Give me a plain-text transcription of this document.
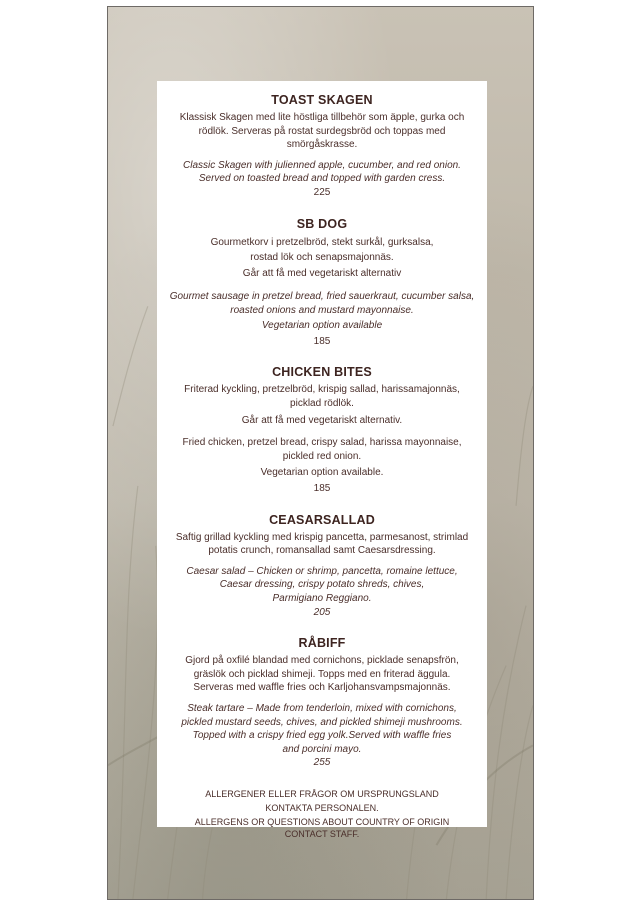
TOAST SKAGEN

Klassisk Skagen med lite höstliga tillbehör som äpple, gurka och
rödlök. Serveras på rostat surdegsbröd och toppas med
smörgåskrasse.

Classic Skagen with julienned apple, cucumber, and red onion.
Served on toasted bread and topped with garden cress.

225

SB DOG

Gourmetkorv i pretzelbröd, stekt surkål, gurksalsa,
rostad lök och senapsmajonnäs.
Går att få med vegetariskt alternativ

Gourmet sausage in pretzel bread, fried sauerkraut, cucumber salsa,
roasted onions and mustard mayonnaise.

Vegetarian option available

185

CHICKEN BITES

Friterad kyckling, pretzelbröd, krispig sallad, harissamajonnäs,
picklad rödlök.

Går att få med vegetariskt alternativ.

Fried chicken, pretzel bread, crispy salad, harissa mayonnaise,
pickled red onion.

Vegetarian option available.

185

CEASARSALLAD

Saftig grillad kyckling med krispig pancetta, parmesanost, strimlad
potatis crunch, romansallad samt Caesarsdressing.

Caesar salad – Chicken or shrimp, pancetta, romaine lettuce,
Caesar dressing, crispy potato shreds, chives,
Parmigiano Reggiano.

205

RÅBIFF

Gjord på oxfilé blandad med cornichons, picklade senapsfrön,
gräslök och picklad shimeji. Topps med en friterad äggula.
Serveras med waffle fries och Karljohansvampsmajonnäs.

Steak tartare – Made from tenderloin, mixed with cornichons,
pickled mustard seeds, chives, and pickled shimeji mushrooms.
Topped with a crispy fried egg yolk.Served with waffle fries
and porcini mayo.

255

ALLERGENER ELLER FRÅGOR OM URSPRUNGSLAND

KONTAKTA PERSONALEN.

ALLERGENS OR QUESTIONS ABOUT COUNTRY OF ORIGIN

CONTACT STAFF.
